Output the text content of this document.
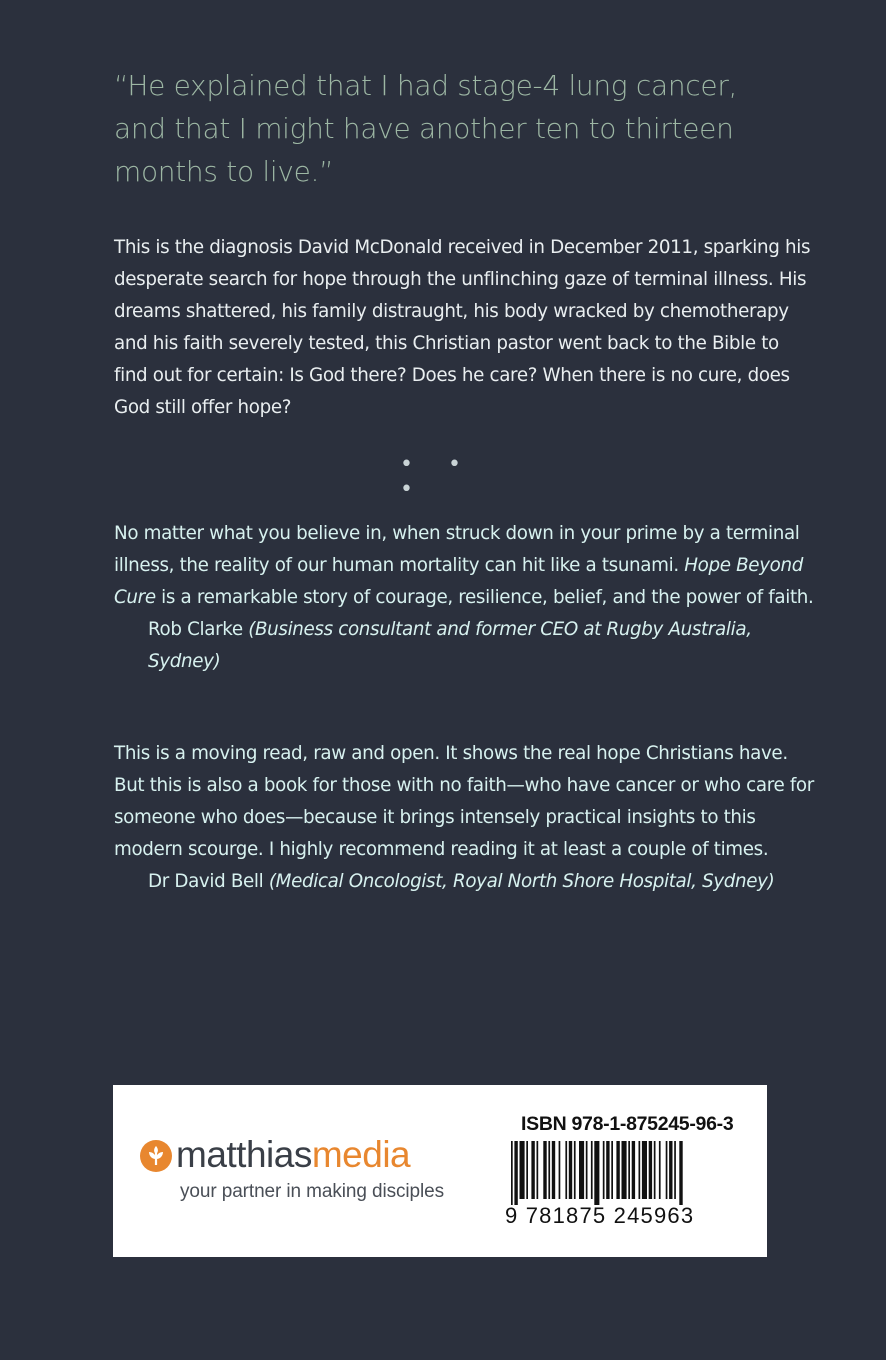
“He explained that I had stage-4 lung cancer, and that I might have another ten to thirteen months to live.”
This is the diagnosis David McDonald received in December 2011, sparking his desperate search for hope through the unflinching gaze of terminal illness. His dreams shattered, his family distraught, his body wracked by chemotherapy and his faith severely tested, this Christian pastor went back to the Bible to find out for certain: Is God there? Does he care? When there is no cure, does God still offer hope?
• • •

No matter what you believe in, when struck down in your prime by a terminal illness, the reality of our human mortality can hit like a tsunami. Hope Beyond Cure is a remarkable story of courage, resilience, belief, and the power of faith.

Rob Clarke (Business consultant and former CEO at Rugby Australia, Sydney)

This is a moving read, raw and open. It shows the real hope Christians have. But this is also a book for those with no faith—who have cancer or who care for someone who does—because it brings intensely practical insights to this modern scourge. I highly recommend reading it at least a couple of times.

Dr David Bell (Medical Oncologist, Royal North Shore Hospital, Sydney)

matthiasmedia
your partner in making disciples
ISBN 978-1-875245-96-3
9 781875 245963
